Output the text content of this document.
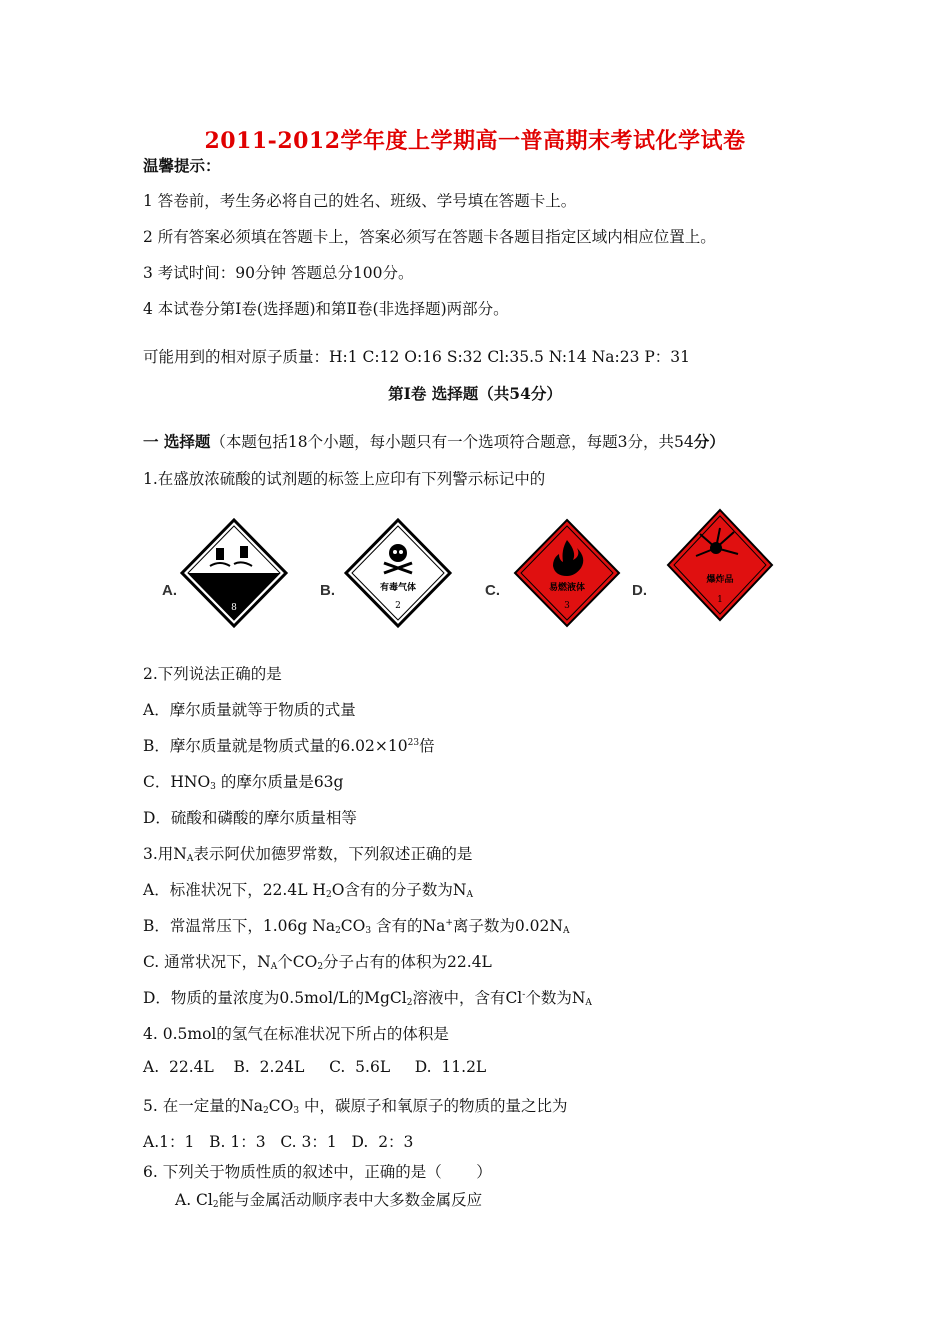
2011-2012学年度上学期高一普高期末考试化学试卷
温馨提示：
1 答卷前，考生务必将自己的姓名、班级、学号填在答题卡上。
2 所有答案必须填在答题卡上，答案必须写在答题卡各题目指定区域内相应位置上。
3 考试时间：90分钟 答题总分100分。
4 本试卷分第Ⅰ卷(选择题)和第Ⅱ卷(非选择题)两部分。
可能用到的相对原子质量：H:1 C:12 O:16 S:32 Cl:35.5 N:14 Na:23 P：31
第Ⅰ卷 选择题（共54分）
一 选择题（本题包括18个小题，每小题只有一个选项符合题意，每题3分，共54分）
1.在盛放浓硫酸的试剂题的标签上应印有下列警示标记中的
A.
8
B.	有毒气体
2
C.	易燃液体
3
D.
爆炸品
1
2.下列说法正确的是
A．摩尔质量就等于物质的式量
B．摩尔质量就是物质式量的$6.02\times 10^{23}$倍
C．$HNO_3$ 的摩尔质量是63g
D．硫酸和磷酸的摩尔质量相等
3.用$N_A$表示阿伏加德罗常数，下列叙述正确的是
A．标准状况下，22.4L $H_2O$含有的分子数为$N_A$
B．常温常压下，1.06g $Na_2CO_3$ 含有的Na+离子数为$0.02N_A$
C. 通常状况下，$N_A$个$CO_2$分子占有的体积为22.4L
D．物质的量浓度为0.5mol/L的MgCl$_2$溶液中，含有Cl-个数为$N_A$
4. 0.5mol的氢气在标准状况下所占的体积是
A.  22.4L    B.  2.24L     C.  5.6L     D.  11.2L
5. 在一定量的$Na_2CO_3$ 中，碳原子和氧原子的物质的量之比为
A.1：1   B. 1：3   C. 3：1   D.  2：3
6. 下列关于物质性质的叙述中，正确的是（       ）
A. $Cl_2$能与金属活动顺序表中大多数金属反应
